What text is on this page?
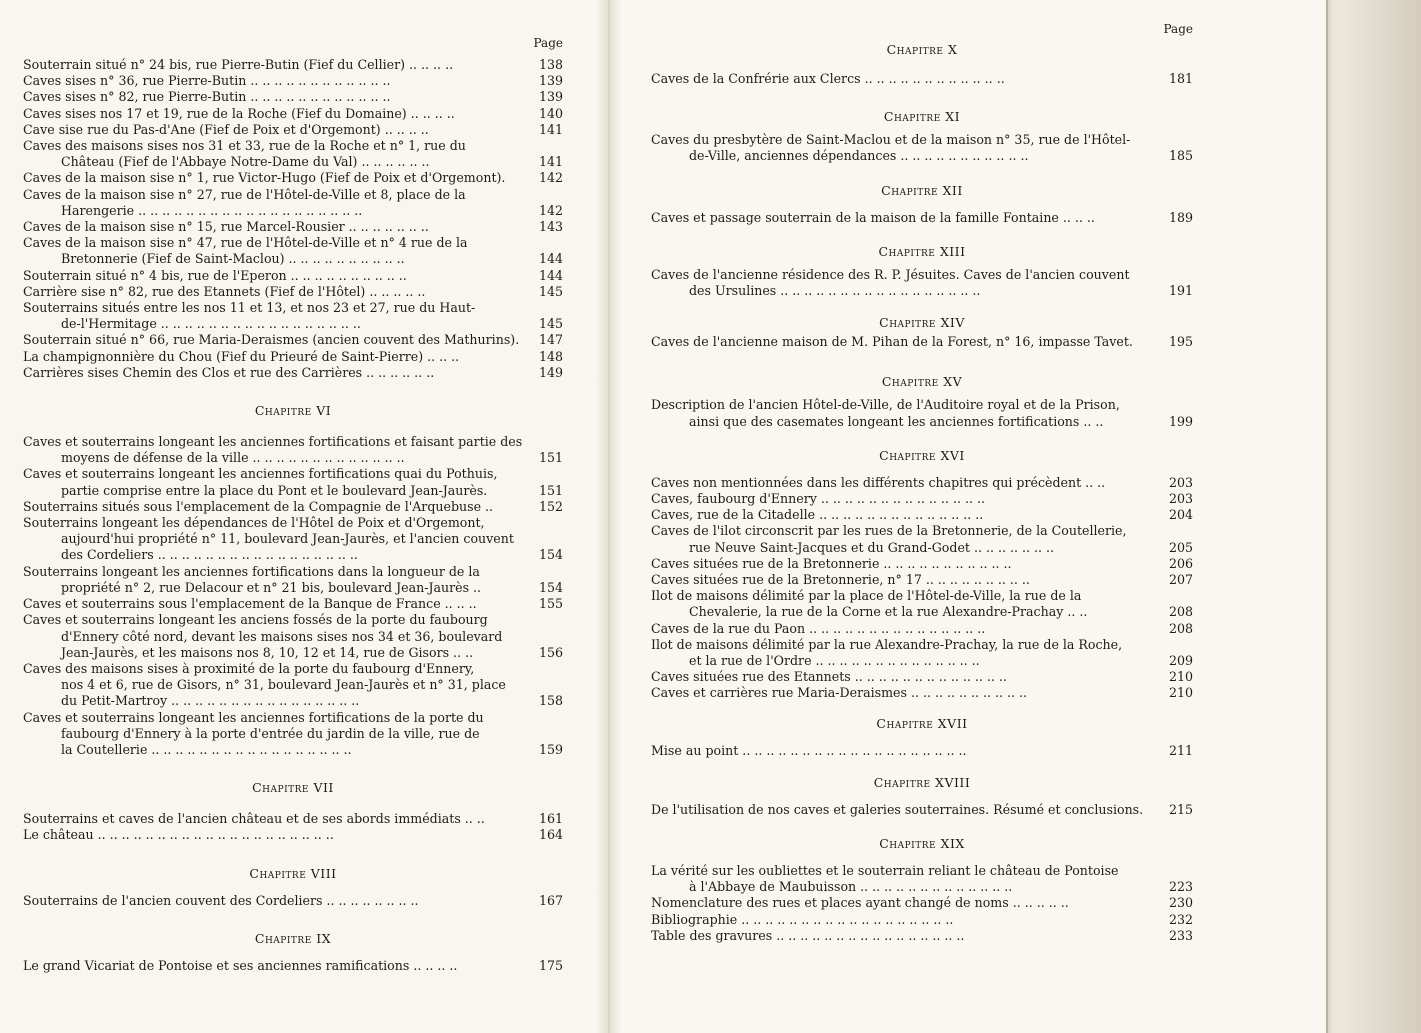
Page
Souterrain situé n° 24 bis, rue Pierre-Butin (Fief du Cellier) .. .. .. ..	138
Caves sises n° 36, rue Pierre-Butin .. .. .. .. .. .. .. .. .. .. .. ..	139
Caves sises n° 82, rue Pierre-Butin .. .. .. .. .. .. .. .. .. .. .. ..	139
Caves sises nos 17 et 19, rue de la Roche (Fief du Domaine) .. .. .. ..	140
Cave sise rue du Pas-d'Ane (Fief de Poix et d'Orgemont) .. .. .. ..	141
Caves des maisons sises nos 31 et 33, rue de la Roche et n° 1, rue du
Château (Fief de l'Abbaye Notre-Dame du Val) .. .. .. .. .. ..	141
Caves de la maison sise n° 1, rue Victor-Hugo (Fief de Poix et d'Orgemont).	142
Caves de la maison sise n° 27, rue de l'Hôtel-de-Ville et 8, place de la
Harengerie .. .. .. .. .. .. .. .. .. .. .. .. .. .. .. .. .. .. ..	142
Caves de la maison sise n° 15, rue Marcel-Rousier .. .. .. .. .. .. ..	143
Caves de la maison sise n° 47, rue de l'Hôtel-de-Ville et n° 4 rue de la
Bretonnerie (Fief de Saint-Maclou) .. .. .. .. .. .. .. .. .. ..	144
Souterrain situé n° 4 bis, rue de l'Eperon .. .. .. .. .. .. .. .. .. ..	144
Carrière sise n° 82, rue des Etannets (Fief de l'Hôtel) .. .. .. .. ..	145
Souterrains situés entre les nos 11 et 13, et nos 23 et 27, rue du Haut-
de-l'Hermitage .. .. .. .. .. .. .. .. .. .. .. .. .. .. .. .. ..	145
Souterrain situé n° 66, rue Maria-Deraismes (ancien couvent des Mathurins).	147
La champignonnière du Chou (Fief du Prieuré de Saint-Pierre) .. .. ..	148
Carrières sises Chemin des Clos et rue des Carrières .. .. .. .. .. ..	149
Chapitre VI
Caves et souterrains longeant les anciennes fortifications et faisant partie des
moyens de défense de la ville .. .. .. .. .. .. .. .. .. .. .. .. ..	151
Caves et souterrains longeant les anciennes fortifications quai du Pothuis,
partie comprise entre la place du Pont et le boulevard Jean-Jaurès.	151
Souterrains situés sous l'emplacement de la Compagnie de l'Arquebuse ..	152
Souterrains longeant les dépendances de l'Hôtel de Poix et d'Orgemont,
aujourd'hui propriété n° 11, boulevard Jean-Jaurès, et l'ancien couvent
des Cordeliers .. .. .. .. .. .. .. .. .. .. .. .. .. .. .. .. ..	154
Souterrains longeant les anciennes fortifications dans la longueur de la
propriété n° 2, rue Delacour et n° 21 bis, boulevard Jean-Jaurès ..	154
Caves et souterrains sous l'emplacement de la Banque de France .. .. ..	155
Caves et souterrains longeant les anciens fossés de la porte du faubourg
d'Ennery côté nord, devant les maisons sises nos 34 et 36, boulevard
Jean-Jaurès, et les maisons nos 8, 10, 12 et 14, rue de Gisors .. ..	156
Caves des maisons sises à proximité de la porte du faubourg d'Ennery,
nos 4 et 6, rue de Gisors, n° 31, boulevard Jean-Jaurès et n° 31, place
du Petit-Martroy .. .. .. .. .. .. .. .. .. .. .. .. .. .. .. ..	158
Caves et souterrains longeant les anciennes fortifications de la porte du
faubourg d'Ennery à la porte d'entrée du jardin de la ville, rue de
la Coutellerie .. .. .. .. .. .. .. .. .. .. .. .. .. .. .. .. ..	159
Chapitre VII
Souterrains et caves de l'ancien château et de ses abords immédiats .. ..	161
Le château .. .. .. .. .. .. .. .. .. .. .. .. .. .. .. .. .. .. .. ..	164
Chapitre VIII
Souterrains de l'ancien couvent des Cordeliers .. .. .. .. .. .. .. ..	167
Chapitre IX
Le grand Vicariat de Pontoise et ses anciennes ramifications .. .. .. ..	175
Page
Chapitre X
Caves de la Confrérie aux Clercs .. .. .. .. .. .. .. .. .. .. .. ..	181
Chapitre XI
Caves du presbytère de Saint-Maclou et de la maison n° 35, rue de l'Hôtel-
de-Ville, anciennes dépendances .. .. .. .. .. .. .. .. .. .. ..	185
Chapitre XII
Caves et passage souterrain de la maison de la famille Fontaine .. .. ..	189
Chapitre XIII
Caves de l'ancienne résidence des R. P. Jésuites. Caves de l'ancien couvent
des Ursulines .. .. .. .. .. .. .. .. .. .. .. .. .. .. .. .. ..	191
Chapitre XIV
Caves de l'ancienne maison de M. Pihan de la Forest, n° 16, impasse Tavet.	195
Chapitre XV
Description de l'ancien Hôtel-de-Ville, de l'Auditoire royal et de la Prison,
ainsi que des casemates longeant les anciennes fortifications .. ..	199
Chapitre XVI
Caves non mentionnées dans les différents chapitres qui précèdent .. ..	203
Caves, faubourg d'Ennery .. .. .. .. .. .. .. .. .. .. .. .. .. ..	203
Caves, rue de la Citadelle .. .. .. .. .. .. .. .. .. .. .. .. .. ..	204
Caves de l'ilot circonscrit par les rues de la Bretonnerie, de la Coutellerie,
rue Neuve Saint-Jacques et du Grand-Godet .. .. .. .. .. .. ..	205
Caves situées rue de la Bretonnerie .. .. .. .. .. .. .. .. .. .. ..	206
Caves situées rue de la Bretonnerie, n° 17 .. .. .. .. .. .. .. .. ..	207
Ilot de maisons délimité par la place de l'Hôtel-de-Ville, la rue de la
Chevalerie, la rue de la Corne et la rue Alexandre-Prachay .. ..	208
Caves de la rue du Paon .. .. .. .. .. .. .. .. .. .. .. .. .. .. ..	208
Ilot de maisons délimité par la rue Alexandre-Prachay, la rue de la Roche,
et la rue de l'Ordre .. .. .. .. .. .. .. .. .. .. .. .. .. ..	209
Caves situées rue des Etannets .. .. .. .. .. .. .. .. .. .. .. .. ..	210
Caves et carrières rue Maria-Deraismes .. .. .. .. .. .. .. .. .. ..	210
Chapitre XVII
Mise au point .. .. .. .. .. .. .. .. .. .. .. .. .. .. .. .. .. .. ..	211
Chapitre XVIII
De l'utilisation de nos caves et galeries souterraines. Résumé et conclusions.	215
Chapitre XIX
La vérité sur les oubliettes et le souterrain reliant le château de Pontoise
à l'Abbaye de Maubuisson .. .. .. .. .. .. .. .. .. .. .. .. ..	223
Nomenclature des rues et places ayant changé de noms .. .. .. .. ..	230
Bibliographie .. .. .. .. .. .. .. .. .. .. .. .. .. .. .. .. .. ..	232
Table des gravures .. .. .. .. .. .. .. .. .. .. .. .. .. .. .. ..	233
